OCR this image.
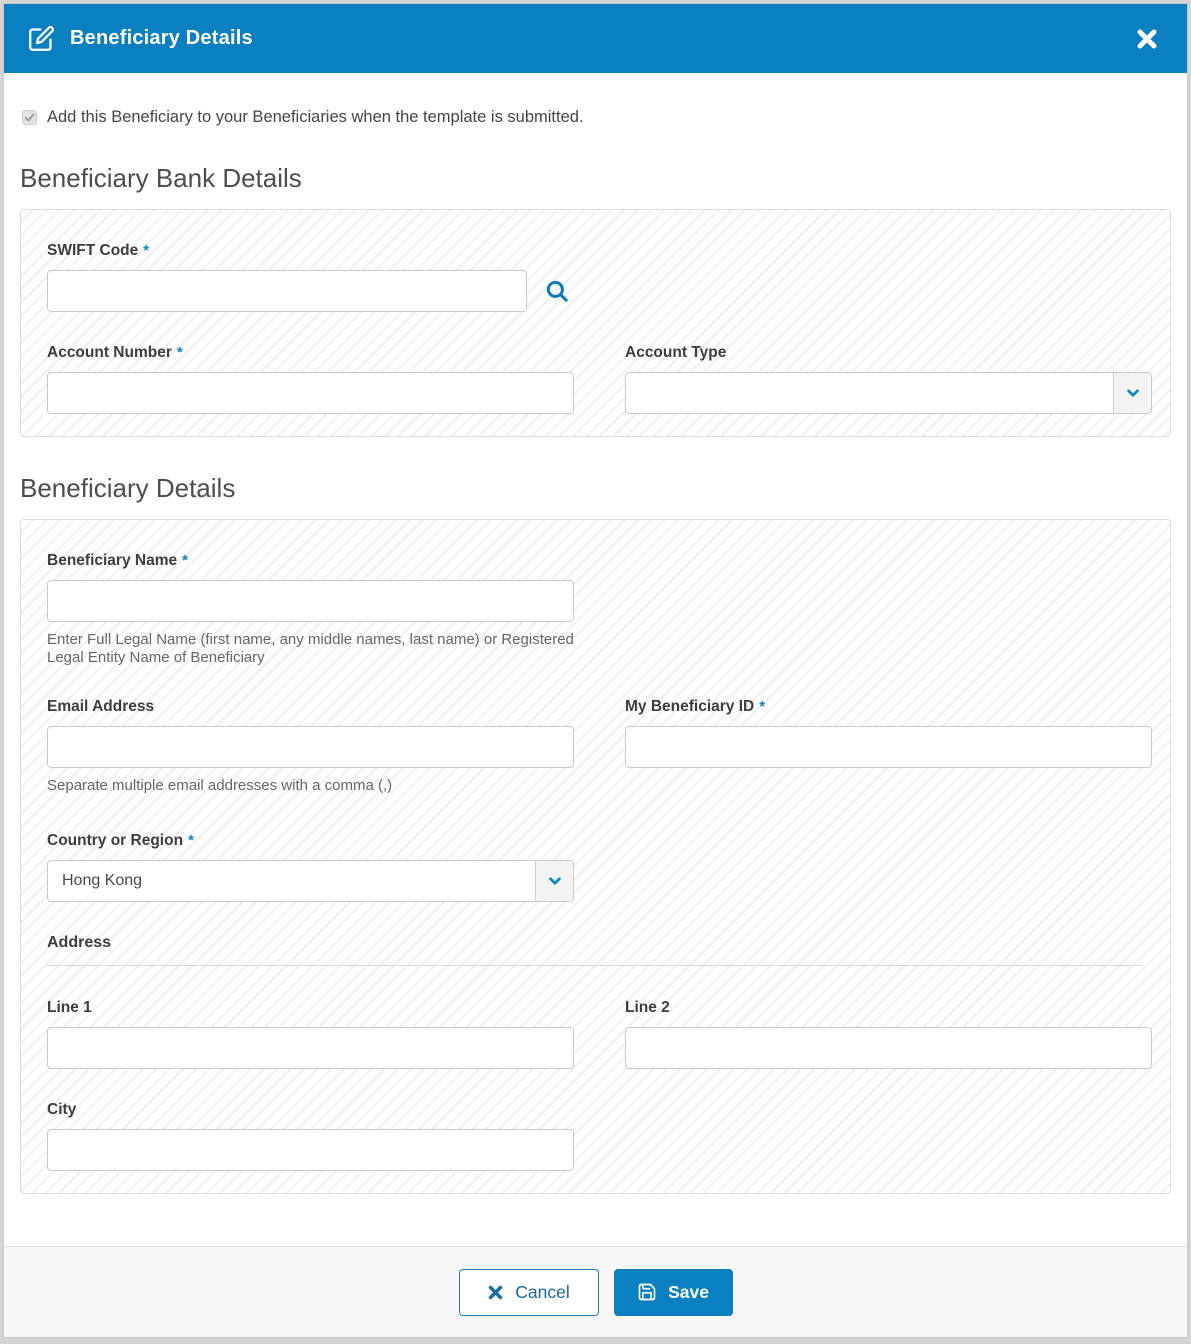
Beneficiary Details
Add this Beneficiary to your Beneficiaries when the template is submitted.
Beneficiary Bank Details
SWIFT Code *
Account Number *	Account Type
Beneficiary Details
Beneficiary Name *
Enter Full Legal Name (first name, any middle names, last name) or Registered Legal Entity Name of Beneficiary
Email Address
Separate multiple email addresses with a comma (,)
My Beneficiary ID *
Country or Region *
Hong Kong
Address
Line 1	Line 2
City
Cancel	Save
